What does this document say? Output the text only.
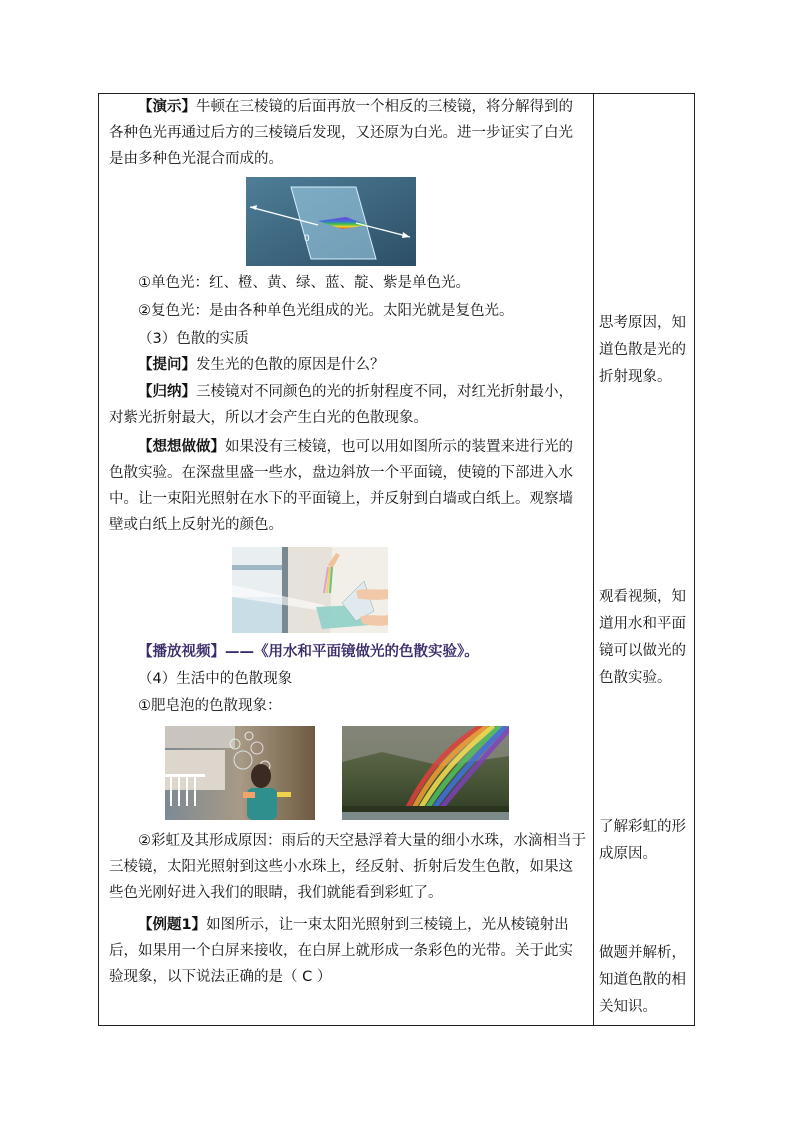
【演示】牛顿在三棱镜的后面再放一个相反的三棱镜，将分解得到的各种色光再通过后方的三棱镜后发现，又还原为白光。进一步证实了白光是由多种色光混合而成的。

0

①单色光：红、橙、黄、绿、蓝、靛、紫是单色光。

②复色光：是由各种单色光组成的光。太阳光就是复色光。

（3）色散的实质

【提问】发生光的色散的原因是什么？

【归纳】三棱镜对不同颜色的光的折射程度不同，对红光折射最小，对紫光折射最大，所以才会产生白光的色散现象。

【想想做做】如果没有三棱镜，也可以用如图所示的装置来进行光的色散实验。在深盘里盛一些水，盘边斜放一个平面镜，使镜的下部进入水中。让一束阳光照射在水下的平面镜上，并反射到白墙或白纸上。观察墙壁或白纸上反射光的颜色。

【播放视频】——《用水和平面镜做光的色散实验》。

（4）生活中的色散现象

①肥皂泡的色散现象：

②彩虹及其形成原因：雨后的天空悬浮着大量的细小水珠，水滴相当于三棱镜，太阳光照射到这些小水珠上，经反射、折射后发生色散，如果这些色光刚好进入我们的眼睛，我们就能看到彩虹了。

【例题1】如图所示，让一束太阳光照射到三棱镜上，光从棱镜射出后，如果用一个白屏来接收，在白屏上就形成一条彩色的光带。关于此实验现象，以下说法正确的是（ C ）

思考原因，知道色散是光的折射现象。
观看视频，知道用水和平面镜可以做光的色散实验。
了解彩虹的形成原因。
做题并解析，知道色散的相关知识。
